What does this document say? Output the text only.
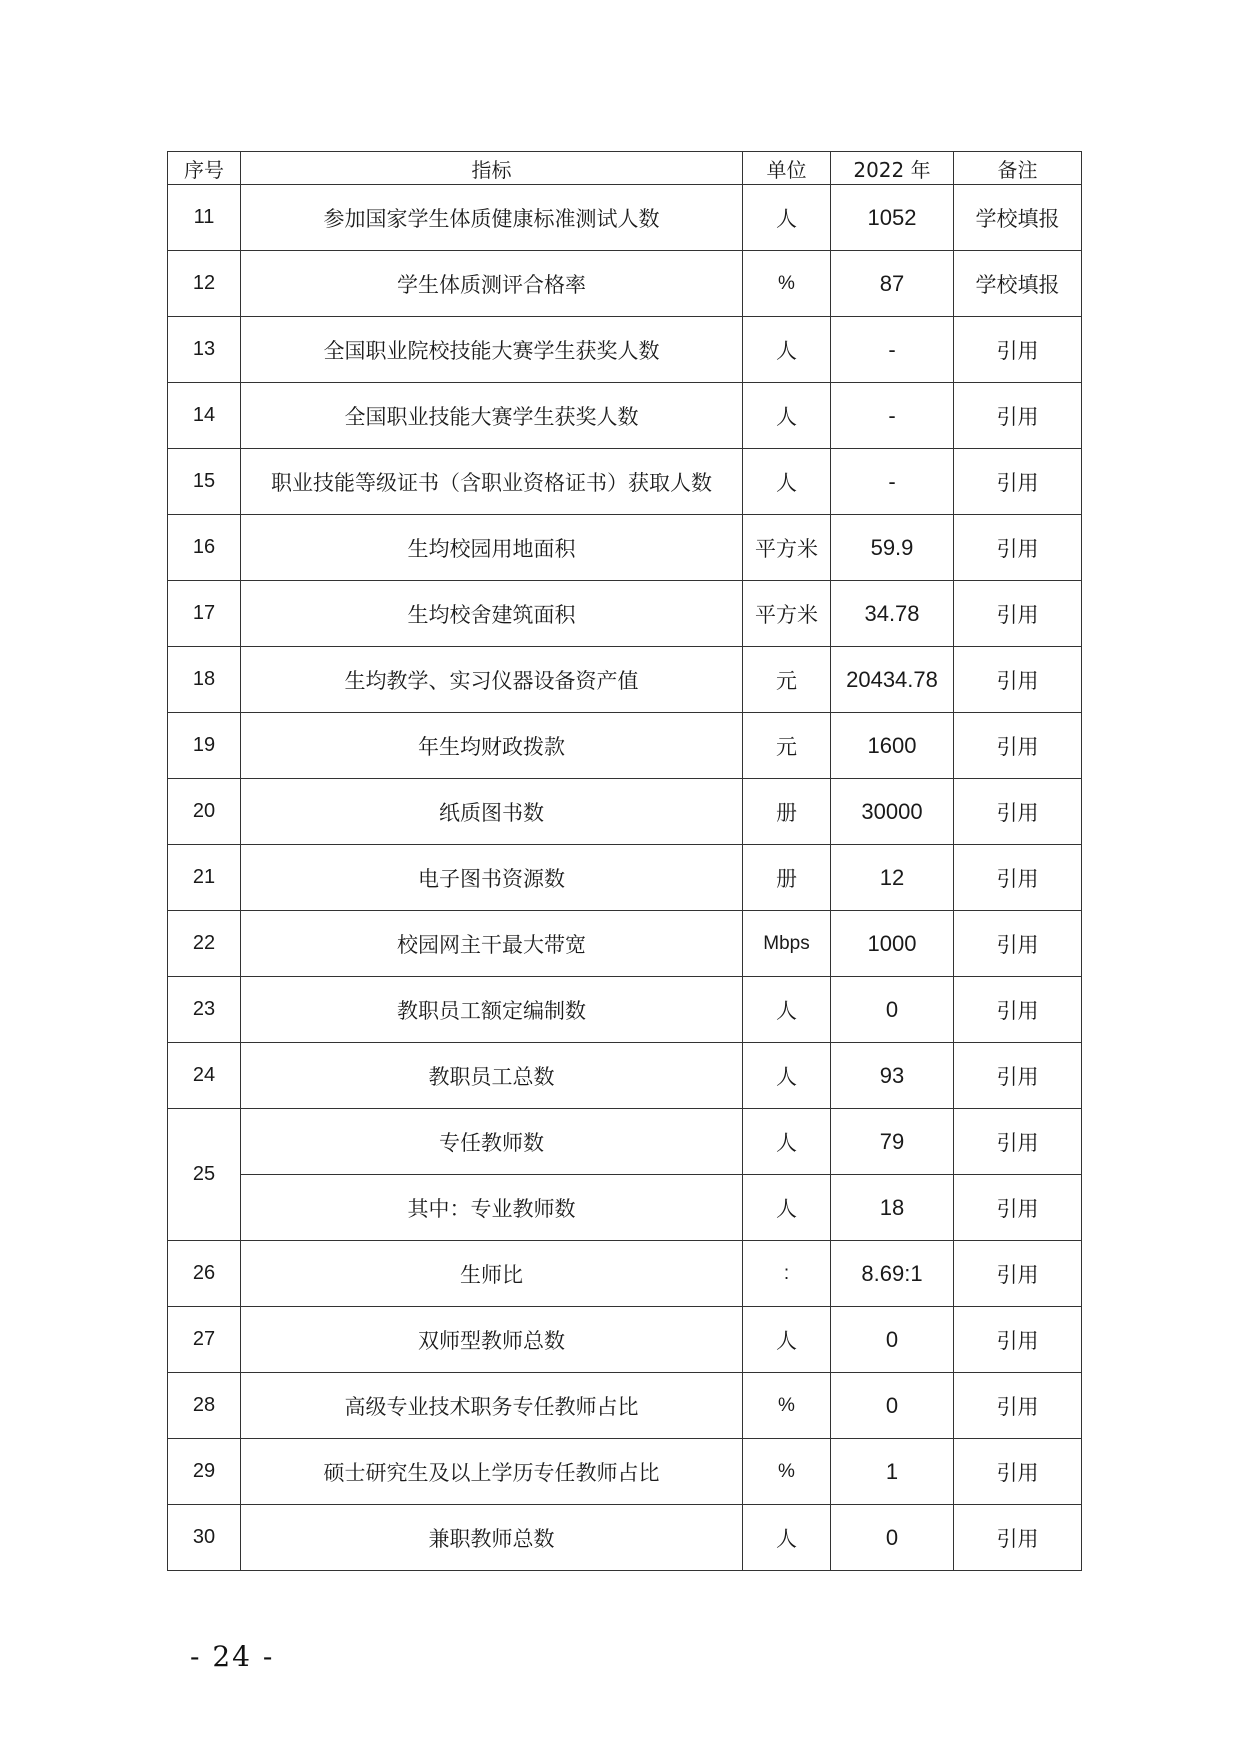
序号	指标	单位	2022 年	备注
11	参加国家学生体质健康标准测试人数	人	1052	学校填报
12	学生体质测评合格率	%	87	学校填报
13	全国职业院校技能大赛学生获奖人数	人	-	引用
14	全国职业技能大赛学生获奖人数	人	-	引用
15	职业技能等级证书（含职业资格证书）获取人数	人	-	引用
16	生均校园用地面积	平方米	59.9	引用
17	生均校舍建筑面积	平方米	34.78	引用
18	生均教学、实习仪器设备资产值	元	20434.78	引用
19	年生均财政拨款	元	1600	引用
20	纸质图书数	册	30000	引用
21	电子图书资源数	册	12	引用
22	校园网主干最大带宽	Mbps	1000	引用
23	教职员工额定编制数	人	0	引用
24	教职员工总数	人	93	引用
25	专任教师数	人	79	引用
	其中：专业教师数	人	18	引用
26	生师比	:	8.69:1	引用
27	双师型教师总数	人	0	引用
28	高级专业技术职务专任教师占比	%	0	引用
29	硕士研究生及以上学历专任教师占比	%	1	引用
30	兼职教师总数	人	0	引用
- 24 -
